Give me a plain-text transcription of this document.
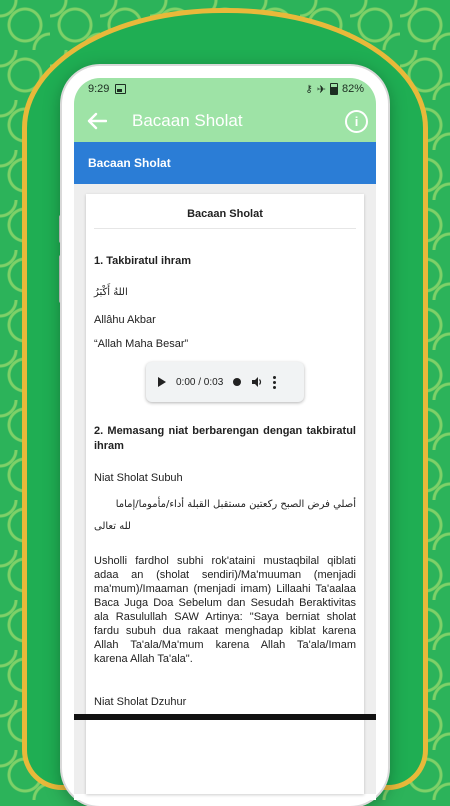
9:29	⚷ ✈ 82%
Bacaan Sholat	i
Bacaan Sholat
Bacaan Sholat
1. Takbiratul ihram
اللهُ أَكْبَرُ
Allâhu Akbar
“Allah Maha Besar”
0:00 / 0:03
2. Memasang niat berbarengan dengan takbiratul ihram
Niat Sholat Subuh
أصلي فرض الصبح ركعتين مستقبل القبلة أداء/مأموما/إماما
لله تعالى
Usholli fardhol subhi rok'ataini mustaqbilal qiblati adaa an (sholat sendiri)/Ma'muuman (menjadi ma'mum)/Imaaman (menjadi imam) Lillaahi Ta'aalaa Baca Juga Doa Sebelum dan Sesudah Beraktivitas ala Rasulullah SAW Artinya: "Saya berniat sholat fardu subuh dua rakaat menghadap kiblat karena Allah Ta'ala/Ma'mum karena Allah Ta'ala/Imam karena Allah Ta'ala".
Niat Sholat Dzuhur
